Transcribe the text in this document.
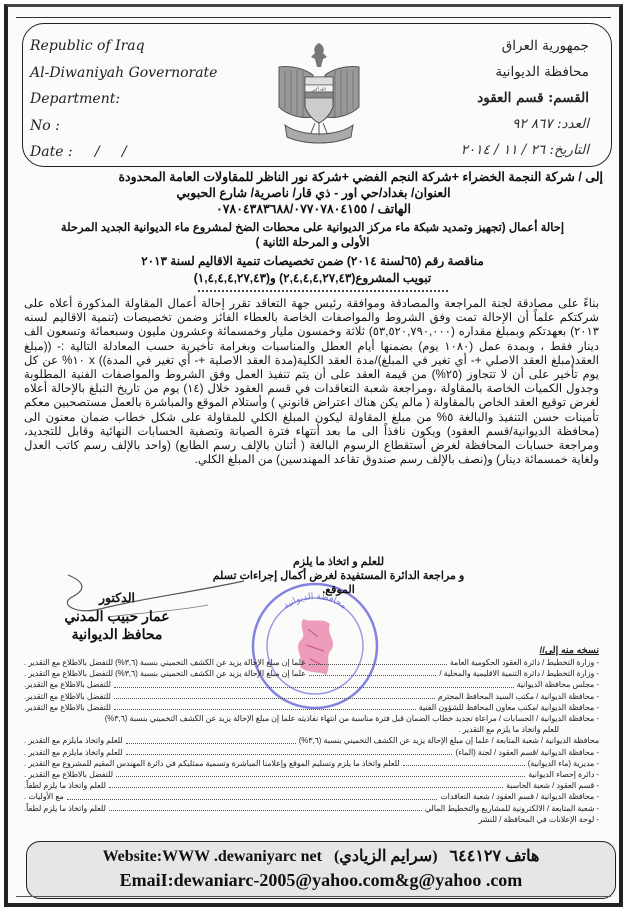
Republic of Iraq
Al-Diwaniyah Governorate
Department:
No :
Date :     /     /
الله أكبر
جمهورية العراق
محافظة الديوانية
القسم: قسم العقود
العدد: ٨٦٧ ٩٢
التاريخ: ٢٦ / ١١ / ٢٠١٤
إلى / شركة النجمة الخضراء +شركة النجم الفضي +شركة نور الناظر للمقاولات العامة المحدودة
العنوان/ بغداد/حي اور - ذي قار/ ناصرية/ شارع الحبوبي
الهاتف / ٠٧٨٠٤٣٨٣٦٨٨/٠٧٧٠٧٨٠٤١٥٥
إحالة أعمال (تجهيز وتمديد شبكة ماء مركز الديوانية على محطات الضخ لمشروع ماء الديوانية الجديد المرحلة
الأولى و المرحلة الثانية )
مناقصة رقم (٦٥لسنة ٢٠١٤) ضمن تخصيصات تنمية الاقاليم لسنة ٢٠١٣
تبويب المشروع(٢,٤,٤,٤,٢٧,٤٣) و(١,٤,٤,٤,٢٧,٤٣)
بناءً على مصادقة لجنة المراجعة والمصادقة وموافقة رئيس جهة التعاقد تقرر إحالة أعمال المقاولة المذكورة أعلاه على شركتكم علماً أن الإحالة تمت وفق الشروط والمواصفات الخاصة بالعطاء الفائز وضمن تخصيصات (تنمية الاقاليم لسنه ٢٠١٣) بعهدتكم وبمبلغ مقداره (٥٣,٥٢٠,٧٩٠,٠٠٠) ثلاثة وخمسون مليار وخمسمائة وعشرون مليون وسبعمائة وتسعون الف دينار فقط ، وبمدة عمل (١٠٨٠ يوم) بضمنها أيام العطل والمناسبات وبغرامة تأخيرية حسب المعادلة التالية :- ((مبلغ العقد(مبلغ العقد الاصلي +- أي تغير في المبلغ)/مدة العقد الكلية(مدة العقد الاصلية +- أي تغير في المدة)) x ١٠% عن كل يوم تأخير على أن لا تتجاوز (٢٥%) من قيمة العقد على أن يتم تنفيذ العمل وفق الشروط والمواصفات الفنية المطلوبة وجدول الكميات الخاصة بالمقاولة ،ومراجعة شعبة التعاقدات في قسم العقود خلال (١٤) يوم من تاريخ التبلغ بالإحالة أعلاه لغرض توقيع العقد الخاص بالمقاولة ( مالم يكن هناك اعتراض قانوني ) وأستلام الموقع والمباشرة بالعمل مستصحبين معكم تأمينات حسن التنفيذ والبالغة ٥% من مبلغ المقاولة ليكون المبلغ الكلي للمقاولة على شكل خطاب ضمان معنون الى (محافظة الديوانية/قسم العقود) ويكون نافذاً الى ما بعد أنتهاء فترة الصيانة وتصفية الحسابات النهائية وقابل للتجديد، ومراجعة حسابات المحافظة لغرض أستقطاع الرسوم البالغة ( أثنان بالإلف رسم الطابع) (واحد بالإلف رسم كاتب العدل ولغاية خمسمائة دينار) و(نصف بالإلف رسم صندوق تقاعد المهندسين) من المبلغ الكلي.
محافظة الديوانية
للعلم و اتخاذ ما يلزم
و مراجعة الدائرة المستفيدة لغرض أكمال إجراءات تسلم الموقع.
الدكتور
عمار حبيب المدني
محافظ الديوانية
نسخه منه إلى//
- وزارة التخطيط / دائرة العقود الحكومية العامة
علما إن مبلغ الإحالة يزيد عن الكشف التخميني بنسبة (٣,٦%) للتفضل بالاطلاع مع التقدير .
- وزارة التخطيط / دائرة التنمية الاقليمية والمحلية /
علما إن مبلغ الإحالة يزيد عن الكشف التخميني بنسبة (٣,٦%) للتفضل بالاطلاع مع التقدير .
- مجلس محافظة الديوانية
للتفضل بالاطلاع مع التقدير.
- محافظة الديوانية / مكتب السيد المحافظ المحترم
للتفضل بالاطلاع مع التقدير.
- محافظة الديوانية /مكتب معاون المحافظ للشؤون الفنية
للتفضل بالاطلاع مع التقدير.
- محافظة الديوانية / الحسابات / مراعاة تجديد خطاب الضمان قبل فترة مناسبة من انتهاء نفاذيته علما إن مبلغ الإحالة يزيد عن الكشف التخميني بنسبة (٣,٦%)
للعلم واتخاذ ما يلزم مع التقدير .
محافظة الديوانية / شعبة المتابعة / علما إن مبلغ الإحالة يزيد عن الكشف التخميني بنسبة (٣,٦%)
للعلم واتخاذ مايلزم مع التقدير .
- محافظة الديوانية /قسم العقود / لجنة (الماء)
للعلم واتخاذ مايلزم مع التقدير .
- مديرية (ماء الديوانية)
للعلم واتخاذ ما يلزم وتسليم الموقع وإعلامنا المباشرة وتسمية ممثليكم في دائرة المهندس المقيم للمشروع مع التقدير .
- دائرة إحصاء الديوانية
للتفضل بالاطلاع مع التقدير .
- قسم العقود / شعبة الحاسبة
للعلم واتخاذ ما يلزم لطفاً.
- محافظة الديوانية / قسم العقود / شعبة التعاقدات
مع الأوليات .
- شعبة المتابعة / الالكترونية للمشاريع والتخطيط المالي
للعلم واتخاذ ما يلزم لطفاً.
- لوحة الإعلانات في المحافظة / للنشر
Website:WWW .dewaniyarc net (سرايم الزيادي) هاتف ٦٤٤١٢٧
EmaiI:dewaniarc-2005@yahoo.com&g@yahoo .com
